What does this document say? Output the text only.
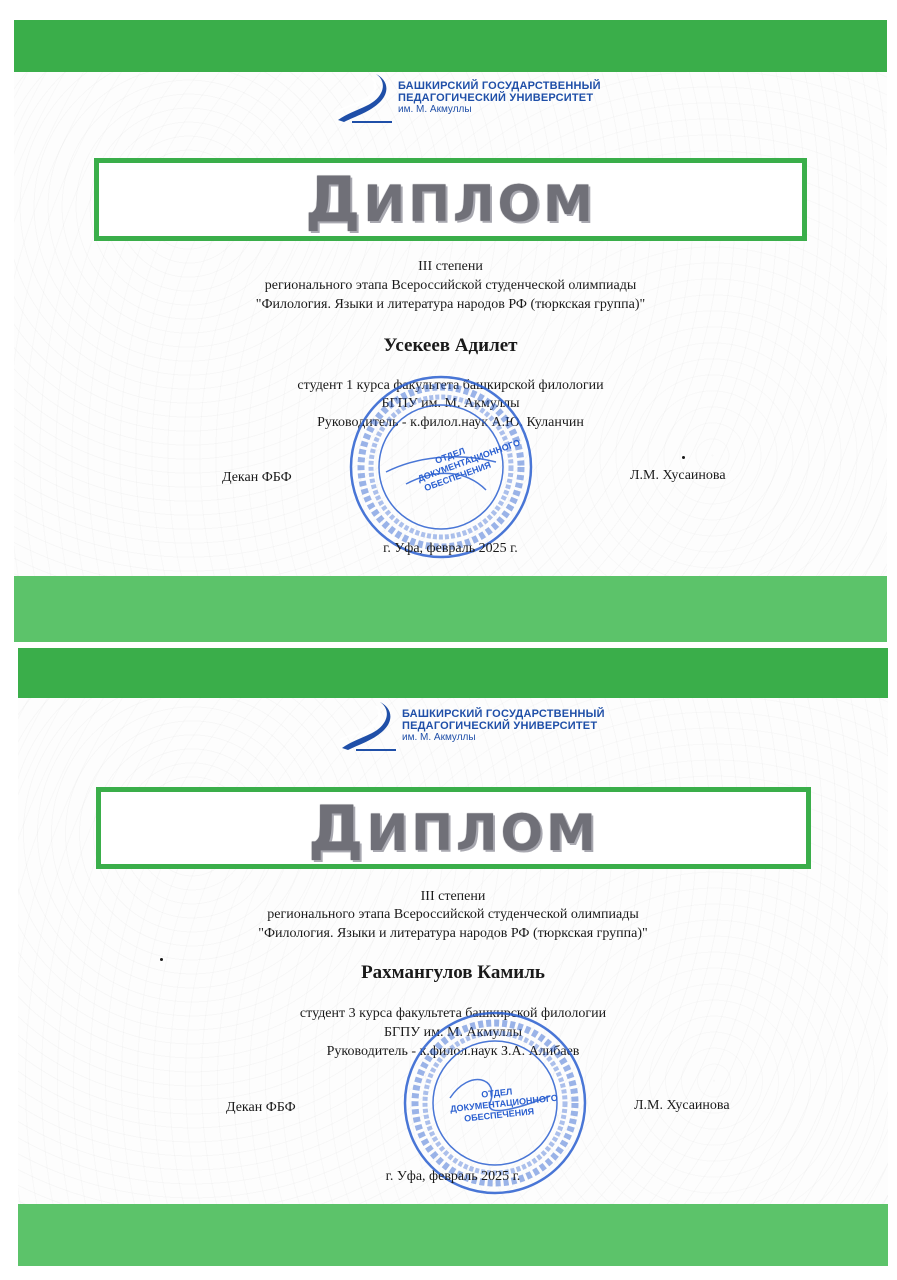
БАШКИРСКИЙ ГОСУДАРСТВЕННЫЙ
ПЕДАГОГИЧЕСКИЙ УНИВЕРСИТЕТ
им. М. Акмуллы
ДИПЛОМ
III степени
регионального этапа Всероссийской студенческой олимпиады
"Филология. Языки и литература народов РФ (тюркская группа)"
Усекеев Адилет
студент 1 курса факультета башкирской филологии
БГПУ им. М. Акмуллы
Руководитель - к.филол.наук А.Ю. Куланчин
Декан ФБФ	Л.М. Хусаинова
ОТДЕЛ ДОКУМЕНТАЦИОННОГО ОБЕСПЕЧЕНИЯ
г. Уфа, февраль 2025 г.
БАШКИРСКИЙ ГОСУДАРСТВЕННЫЙ
ПЕДАГОГИЧЕСКИЙ УНИВЕРСИТЕТ
им. М. Акмуллы
ДИПЛОМ
III степени
регионального этапа Всероссийской студенческой олимпиады
"Филология. Языки и литература народов РФ (тюркская группа)"
Рахмангулов Камиль
студент 3 курса факультета башкирской филологии
БГПУ им. М. Акмуллы
Руководитель - к.филол.наук З.А. Алибаев
Декан ФБФ	Л.М. Хусаинова
ОТДЕЛ ДОКУМЕНТАЦИОННОГО ОБЕСПЕЧЕНИЯ
г. Уфа, февраль 2025 г.
